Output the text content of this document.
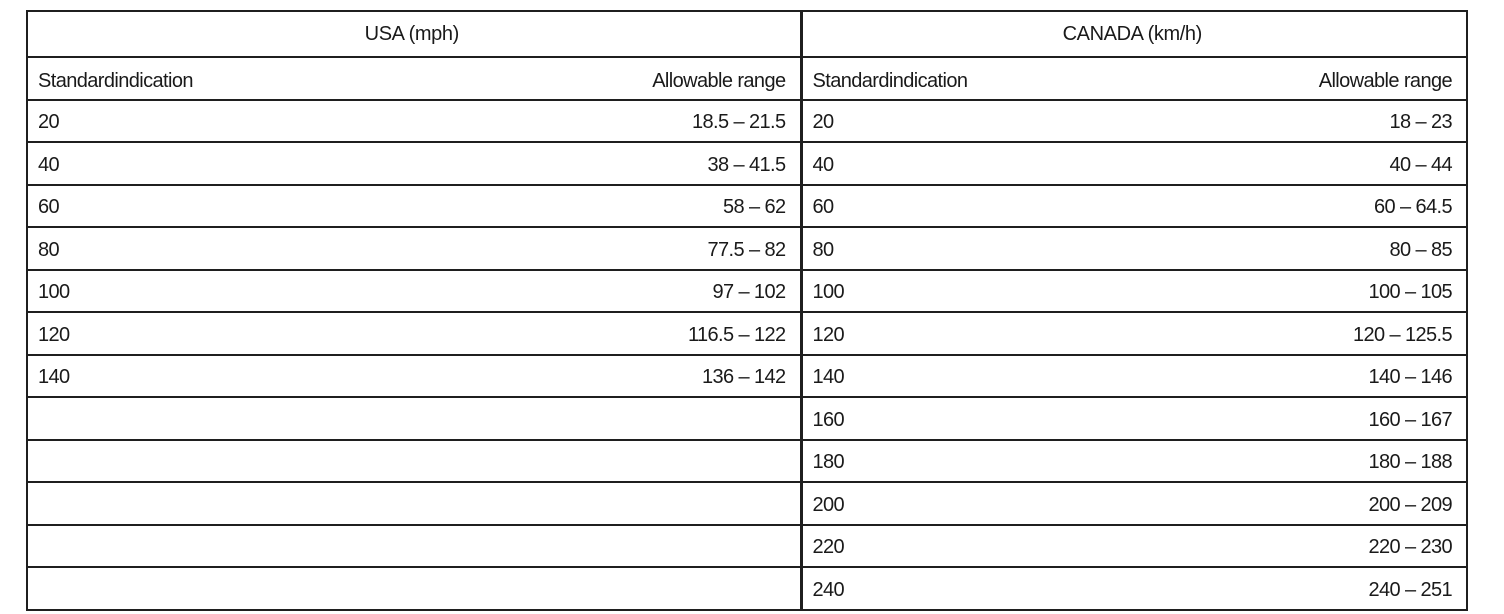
USA (mph)		CANADA (km/h)	
Standardindication	Allowable range	Standardindication	Allowable range
20	18.5 – 21.5	20	18 – 23
40	38 – 41.5	40	40 – 44
60	58 – 62	60	60 – 64.5
80	77.5 – 82	80	80 – 85
100	97 – 102	100	100 – 105
120	116.5 – 122	120	120 – 125.5
140	136 – 142	140	140 – 146
		160	160 – 167
		180	180 – 188
		200	200 – 209
		220	220 – 230
		240	240 – 251
